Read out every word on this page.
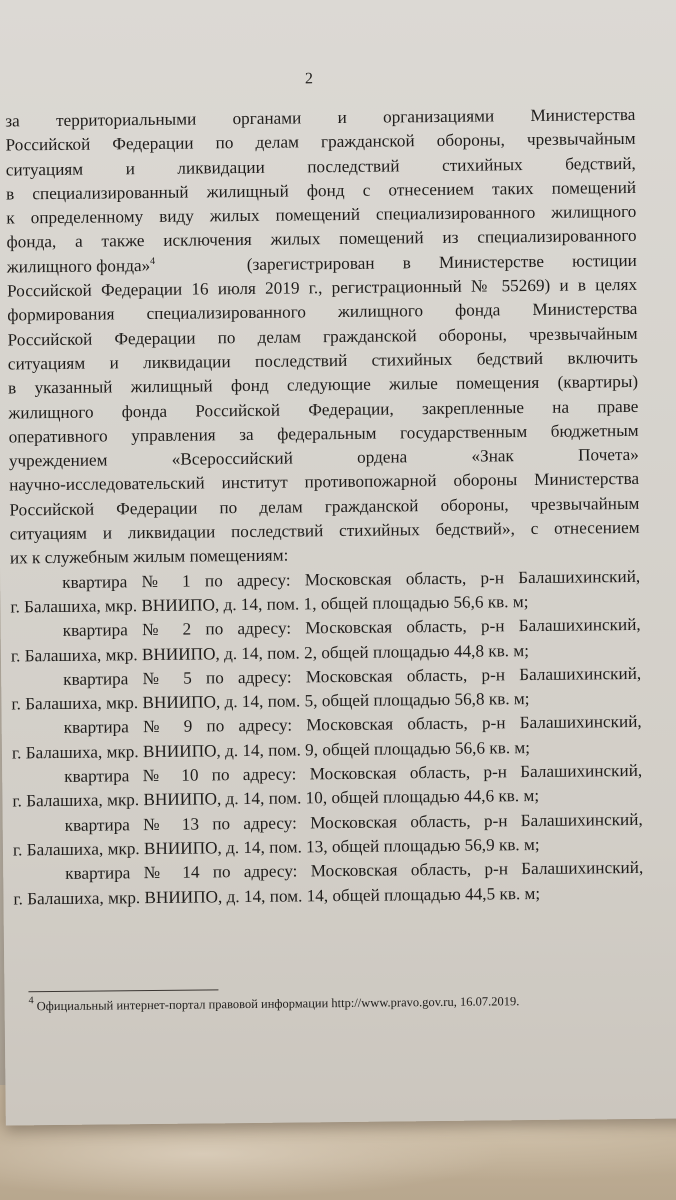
2
за территориальными органами и организациями Министерства
Российской Федерации по делам гражданской обороны, чрезвычайным
ситуациям и ликвидации последствий стихийных бедствий,
в специализированный жилищный фонд с отнесением таких помещений
к определенному виду жилых помещений специализированного жилищного
фонда, а также исключения жилых помещений из специализированного
жилищного фонда»$^4$	(зарегистрирован в Министерстве юстиции
Российской Федерации 16 июля 2019 г., регистрационный № 55269) и в целях
формирования специализированного жилищного фонда Министерства
Российской Федерации по делам гражданской обороны, чрезвычайным
ситуациям и ликвидации последствий стихийных бедствий включить
в указанный жилищный фонд следующие жилые помещения (квартиры)
жилищного фонда Российской Федерации, закрепленные на праве
оперативного управления за федеральным государственным бюджетным
учреждением «Всероссийский ордена «Знак Почета»
научно-исследовательский институт противопожарной обороны Министерства
Российской Федерации по делам гражданской обороны, чрезвычайным
ситуациям и ликвидации последствий стихийных бедствий», с отнесением
их к служебным жилым помещениям:
квартира № 1 по адресу: Московская область, р-н Балашихинский,
г. Балашиха, мкр. ВНИИПО, д. 14, пом. 1, общей площадью 56,6 кв. м;
квартира № 2 по адресу: Московская область, р-н Балашихинский,
г. Балашиха, мкр. ВНИИПО, д. 14, пом. 2, общей площадью 44,8 кв. м;
квартира № 5 по адресу: Московская область, р-н Балашихинский,
г. Балашиха, мкр. ВНИИПО, д. 14, пом. 5, общей площадью 56,8 кв. м;
квартира № 9 по адресу: Московская область, р-н Балашихинский,
г. Балашиха, мкр. ВНИИПО, д. 14, пом. 9, общей площадью 56,6 кв. м;
квартира № 10 по адресу: Московская область, р-н Балашихинский,
г. Балашиха, мкр. ВНИИПО, д. 14, пом. 10, общей площадью 44,6 кв. м;
квартира № 13 по адресу: Московская область, р-н Балашихинский,
г. Балашиха, мкр. ВНИИПО, д. 14, пом. 13, общей площадью 56,9 кв. м;
квартира № 14 по адресу: Московская область, р-н Балашихинский,
г. Балашиха, мкр. ВНИИПО, д. 14, пом. 14, общей площадью 44,5 кв. м;
$^4$ Официальный интернет-портал правовой информации http://www.pravo.gov.ru, 16.07.2019.
